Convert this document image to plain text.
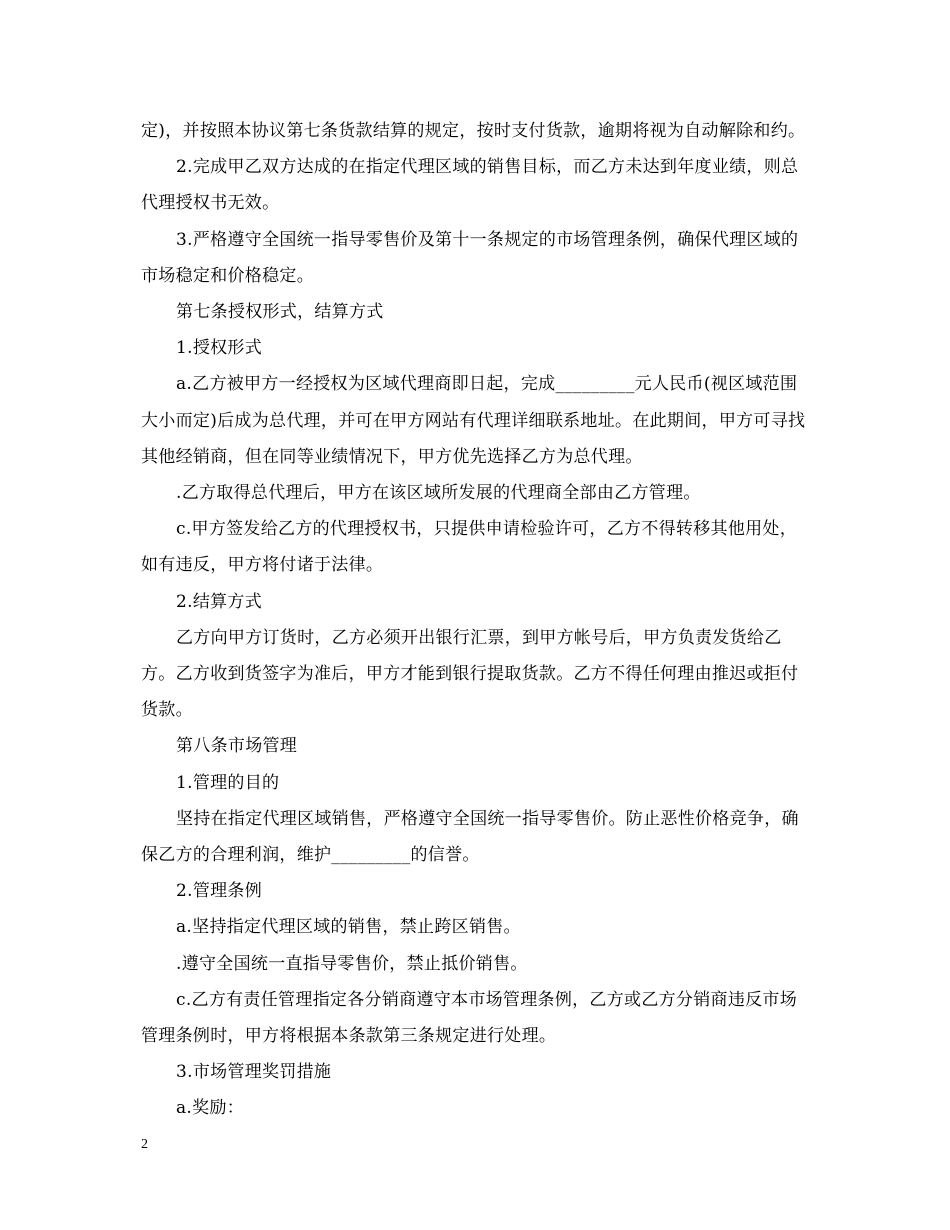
定)，并按照本协议第七条货款结算的规定，按时支付货款，逾期将视为自动解除和约。

2.完成甲乙双方达成的在指定代理区域的销售目标，而乙方未达到年度业绩，则总代理授权书无效。

3.严格遵守全国统一指导零售价及第十一条规定的市场管理条例，确保代理区域的市场稳定和价格稳定。

第七条授权形式，结算方式

1.授权形式

a.乙方被甲方一经授权为区域代理商即日起，完成_________元人民币(视区域范围大小而定)后成为总代理，并可在甲方网站有代理详细联系地址。在此期间，甲方可寻找其他经销商，但在同等业绩情况下，甲方优先选择乙方为总代理。

.乙方取得总代理后，甲方在该区域所发展的代理商全部由乙方管理。

c.甲方签发给乙方的代理授权书，只提供申请检验许可，乙方不得转移其他用处，如有违反，甲方将付诸于法律。

2.结算方式

乙方向甲方订货时，乙方必须开出银行汇票，到甲方帐号后，甲方负责发货给乙方。乙方收到货签字为准后，甲方才能到银行提取货款。乙方不得任何理由推迟或拒付货款。

第八条市场管理

1.管理的目的

坚持在指定代理区域销售，严格遵守全国统一指导零售价。防止恶性价格竞争，确保乙方的合理利润，维护_________的信誉。

2.管理条例

a.坚持指定代理区域的销售，禁止跨区销售。

.遵守全国统一直指导零售价，禁止抵价销售。

c.乙方有责任管理指定各分销商遵守本市场管理条例，乙方或乙方分销商违反市场管理条例时，甲方将根据本条款第三条规定进行处理。

3.市场管理奖罚措施

a.奖励：

2
